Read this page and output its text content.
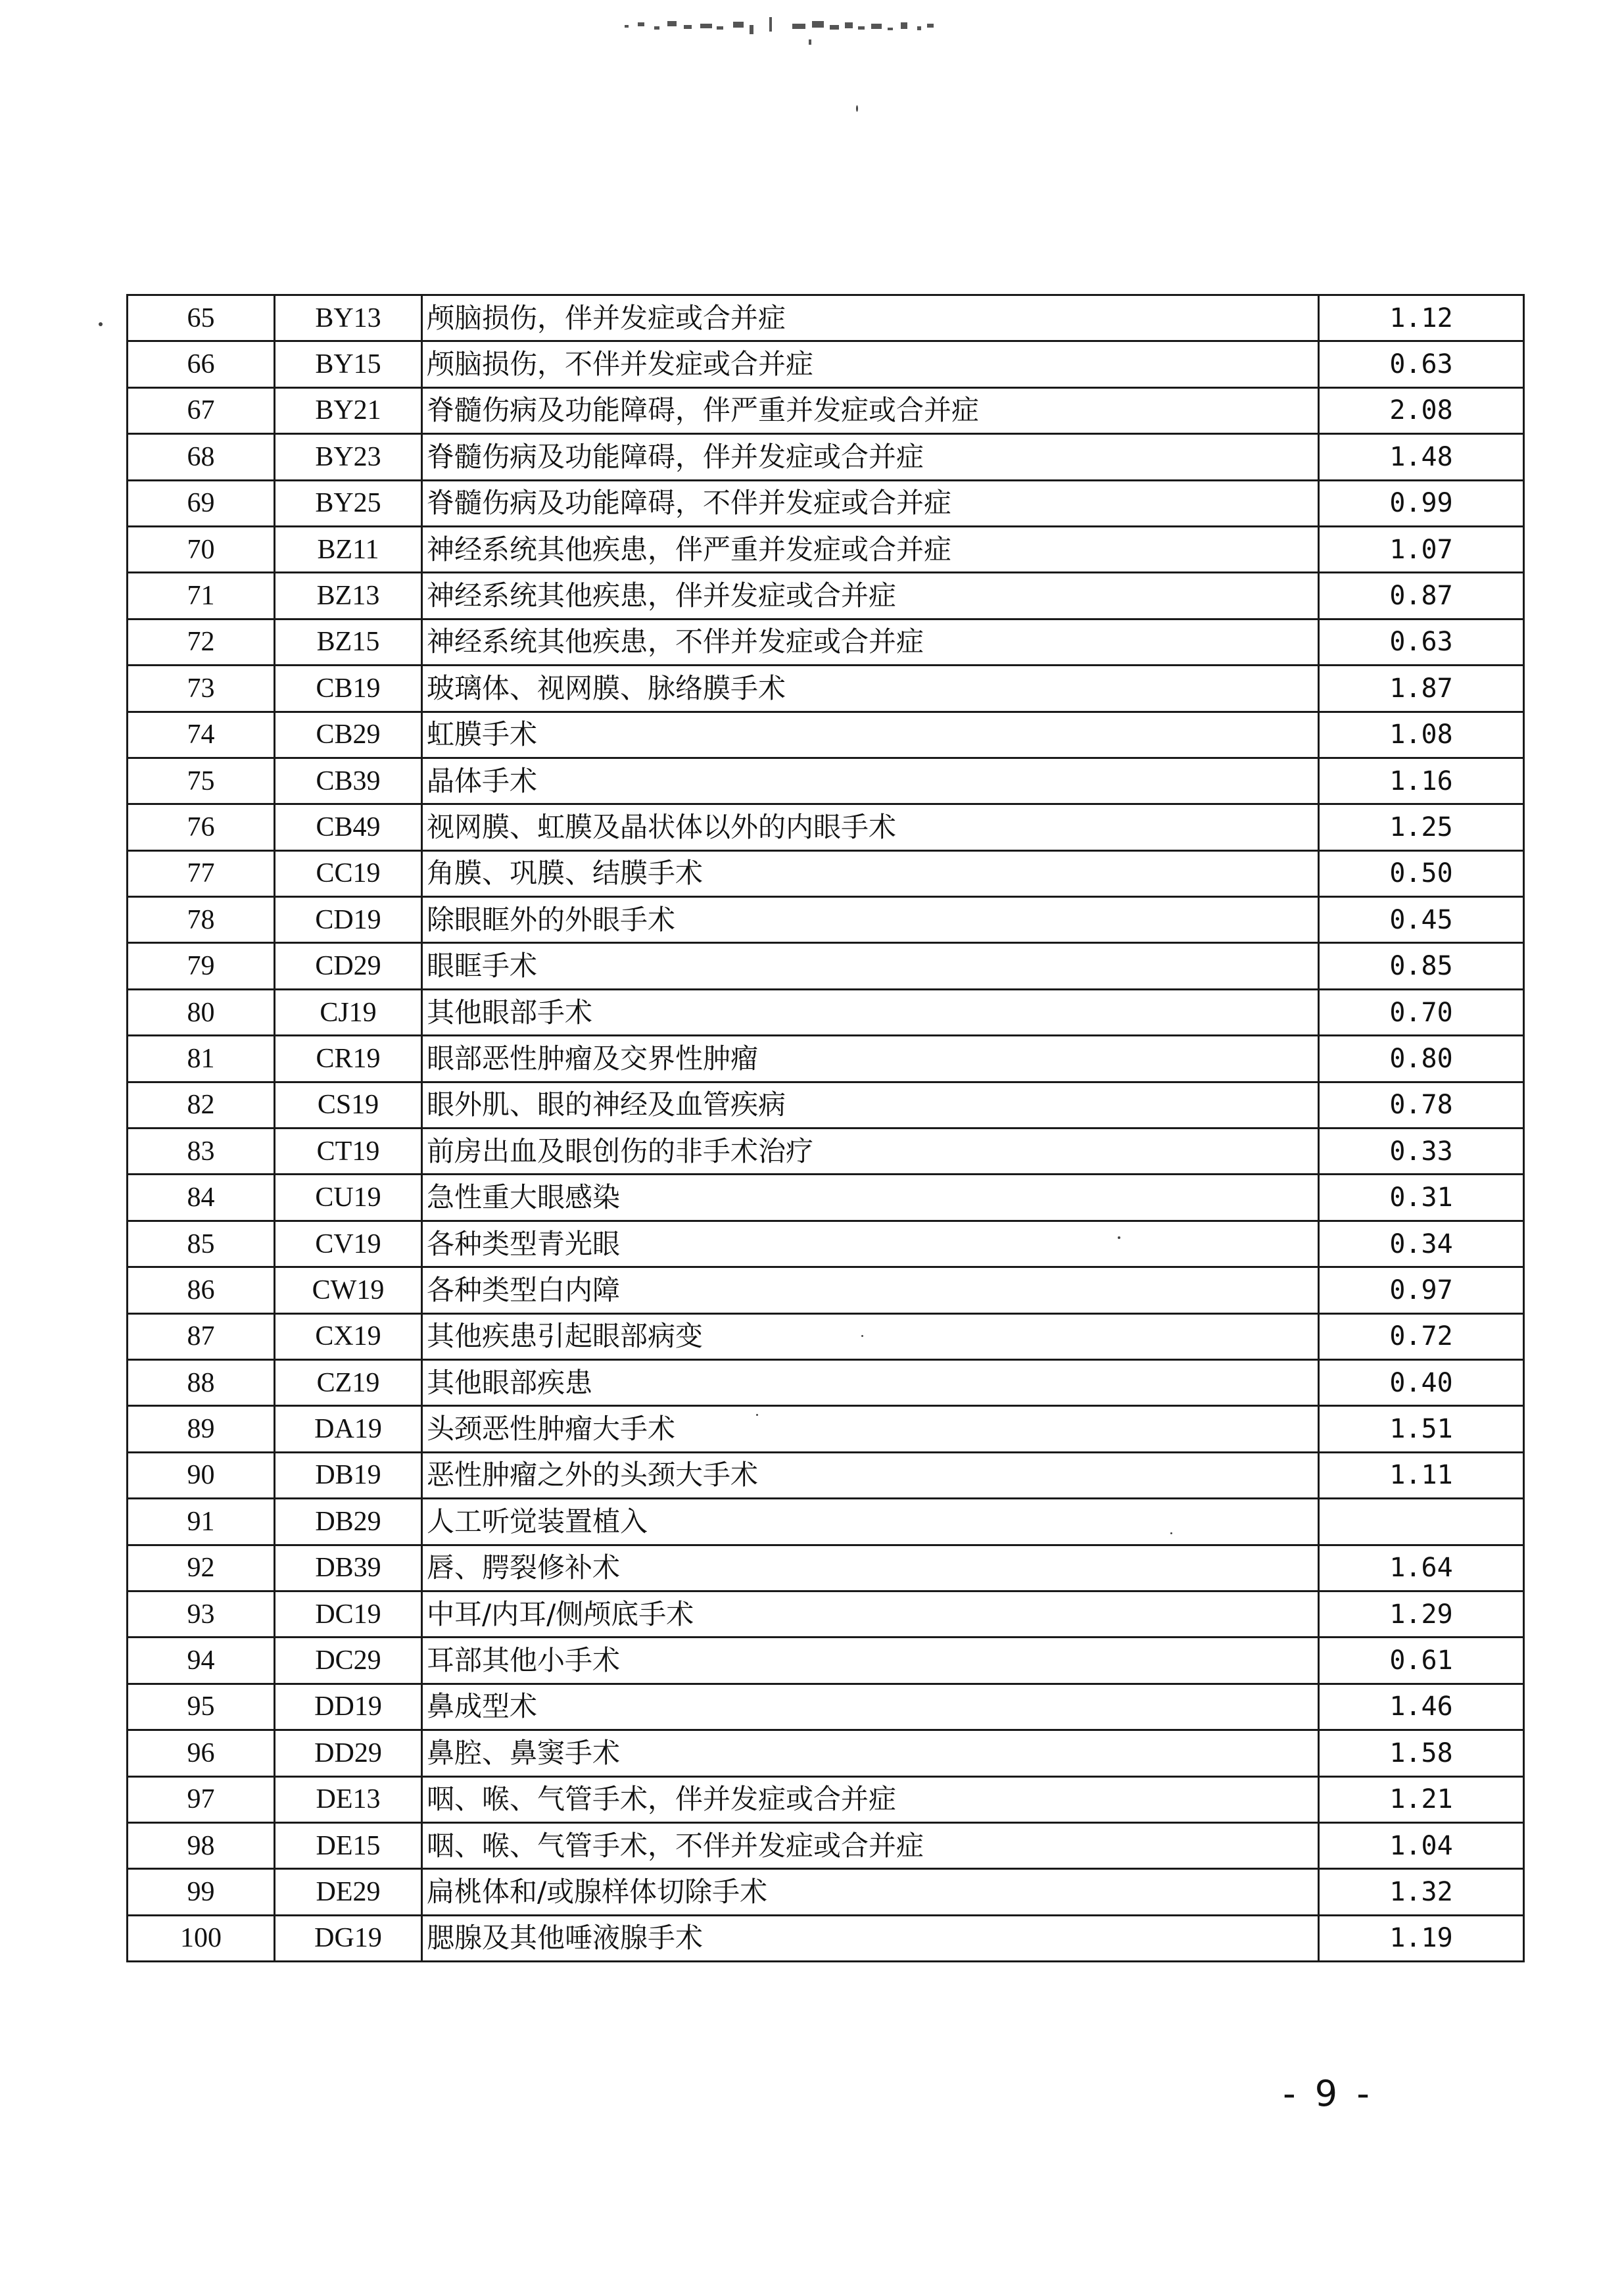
65	BY13	颅脑损伤，伴并发症或合并症	1.12
66	BY15	颅脑损伤，不伴并发症或合并症	0.63
67	BY21	脊髓伤病及功能障碍，伴严重并发症或合并症	2.08
68	BY23	脊髓伤病及功能障碍，伴并发症或合并症	1.48
69	BY25	脊髓伤病及功能障碍，不伴并发症或合并症	0.99
70	BZ11	神经系统其他疾患，伴严重并发症或合并症	1.07
71	BZ13	神经系统其他疾患，伴并发症或合并症	0.87
72	BZ15	神经系统其他疾患，不伴并发症或合并症	0.63
73	CB19	玻璃体、视网膜、脉络膜手术	1.87
74	CB29	虹膜手术	1.08
75	CB39	晶体手术	1.16
76	CB49	视网膜、虹膜及晶状体以外的内眼手术	1.25
77	CC19	角膜、巩膜、结膜手术	0.50
78	CD19	除眼眶外的外眼手术	0.45
79	CD29	眼眶手术	0.85
80	CJ19	其他眼部手术	0.70
81	CR19	眼部恶性肿瘤及交界性肿瘤	0.80
82	CS19	眼外肌、眼的神经及血管疾病	0.78
83	CT19	前房出血及眼创伤的非手术治疗	0.33
84	CU19	急性重大眼感染	0.31
85	CV19	各种类型青光眼	0.34
86	CW19	各种类型白内障	0.97
87	CX19	其他疾患引起眼部病变	0.72
88	CZ19	其他眼部疾患	0.40
89	DA19	头颈恶性肿瘤大手术	1.51
90	DB19	恶性肿瘤之外的头颈大手术	1.11
91	DB29	人工听觉装置植入	
92	DB39	唇、腭裂修补术	1.64
93	DC19	中耳/内耳/侧颅底手术	1.29
94	DC29	耳部其他小手术	0.61
95	DD19	鼻成型术	1.46
96	DD29	鼻腔、鼻窦手术	1.58
97	DE13	咽、喉、气管手术，伴并发症或合并症	1.21
98	DE15	咽、喉、气管手术，不伴并发症或合并症	1.04
99	DE29	扁桃体和/或腺样体切除手术	1.32
100	DG19	腮腺及其他唾液腺手术	1.19
- 9 -
